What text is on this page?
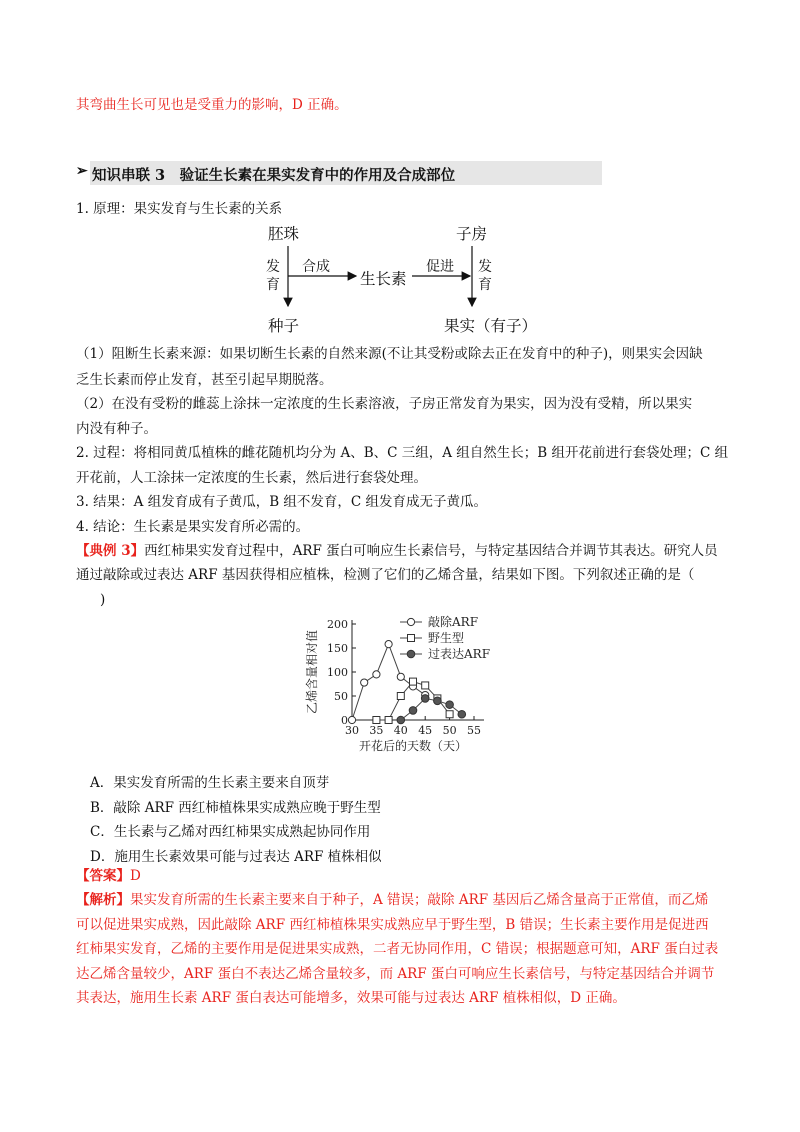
其弯曲生长可见也是受重力的影响，D 正确。
➢ 知识串联 3　验证生长素在果实发育中的作用及合成部位
1. 原理：果实发育与生长素的关系
胚珠	子房
发
育
发
育
合成	促进
生长素
种子	果实（有子）
（1）阻断生长素来源：如果切断生长素的自然来源(不让其受粉或除去正在发育中的种子)，则果实会因缺
乏生长素而停止发育，甚至引起早期脱落。
（2）在没有受粉的雌蕊上涂抹一定浓度的生长素溶液，子房正常发育为果实，因为没有受精，所以果实
内没有种子。
2. 过程：将相同黄瓜植株的雌花随机均分为 A、B、C 三组，A 组自然生长；B 组开花前进行套袋处理；C 组
开花前，人工涂抹一定浓度的生长素，然后进行套袋处理。
3. 结果：A 组发育成有子黄瓜，B 组不发育，C 组发育成无子黄瓜。
4. 结论：生长素是果实发育所必需的。
【典例 3】西红柿果实发育过程中，ARF 蛋白可响应生长素信号，与特定基因结合并调节其表达。研究人员
通过敲除或过表达 ARF 基因获得相应植株，检测了它们的乙烯含量，结果如下图。下列叙述正确的是（
)
0
50
100
150
200
30 35 40 45 50 55
开花后的天数（天）
乙烯含量相对值
敲除ARF
野生型
过表达ARF
A．果实发育所需的生长素主要来自顶芽
B．敲除 ARF 西红柿植株果实成熟应晚于野生型
C．生长素与乙烯对西红柿果实成熟起协同作用
D．施用生长素效果可能与过表达 ARF 植株相似
【答案】D
【解析】果实发育所需的生长素主要来自于种子，A 错误；敲除 ARF 基因后乙烯含量高于正常值，而乙烯
可以促进果实成熟，因此敲除 ARF 西红柿植株果实成熟应早于野生型，B 错误；生长素主要作用是促进西
红柿果实发育，乙烯的主要作用是促进果实成熟，二者无协同作用，C 错误；根据题意可知，ARF 蛋白过表
达乙烯含量较少，ARF 蛋白不表达乙烯含量较多，而 ARF 蛋白可响应生长素信号，与特定基因结合并调节
其表达，施用生长素 ARF 蛋白表达可能增多，效果可能与过表达 ARF 植株相似，D 正确。
